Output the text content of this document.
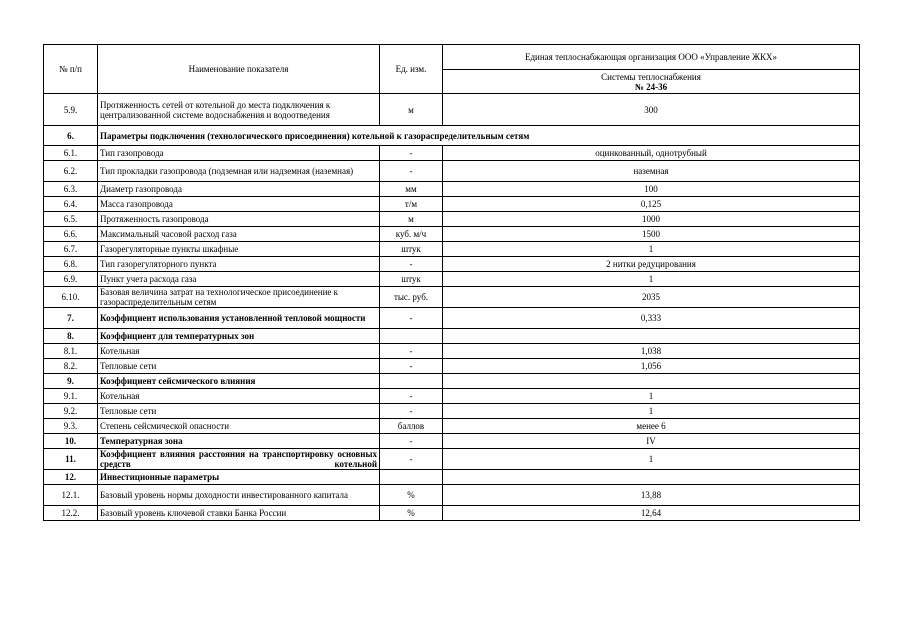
№ п/п	Наименование показателя	Ед. изм.	Единая теплоснабжающая организация ООО «Управление ЖКХ»

			Системы теплоснабжения
№ 24-36

5.9.	Протяженность сетей от котельной до места подключения к централизованной системе водоснабжения и водоотведения	м	300
6.	Параметры подключения (технологического присоединения) котельной к газораспределительным сетям		
6.1.	Тип газопровода	-	оцинкованный, однотрубный
6.2.	Тип прокладки газопровода (подземная или надземная (наземная)	-	наземная
6.3.	Диаметр газопровода	мм	100
6.4.	Масса газопровода	т/м	0,125
6.5.	Протяженность газопровода	м	1000
6.6.	Максимальный часовой расход газа	куб. м/ч	1500
6.7.	Газорегуляторные пункты шкафные	штук	1
6.8.	Тип газорегуляторного пункта	-	2 нитки редуцирования
6.9.	Пункт учета расхода газа	штук	1
6.10.	Базовая величина затрат на технологическое присоединение к газораспределительным сетям	тыс. руб.	2035
7.	Коэффициент использования установленной тепловой мощности	-	0,333
8.	Коэффициент для температурных зон		
8.1.	Котельная	-	1,038
8.2.	Тепловые сети	-	1,056
9.	Коэффициент сейсмического влияния		
9.1.	Котельная	-	1
9.2.	Тепловые сети	-	1
9.3.	Степень сейсмической опасности	баллов	менее 6
10.	Температурная зона	-	IV
11.	Коэффициент влияния расстояния на транспортировку основных средств котельной	-	1
12.	Инвестиционные параметры		
12.1.	Базовый уровень нормы доходности инвестированного капитала	%	13,88
12.2.	Базовый уровень ключевой ставки Банка России	%	12,64
